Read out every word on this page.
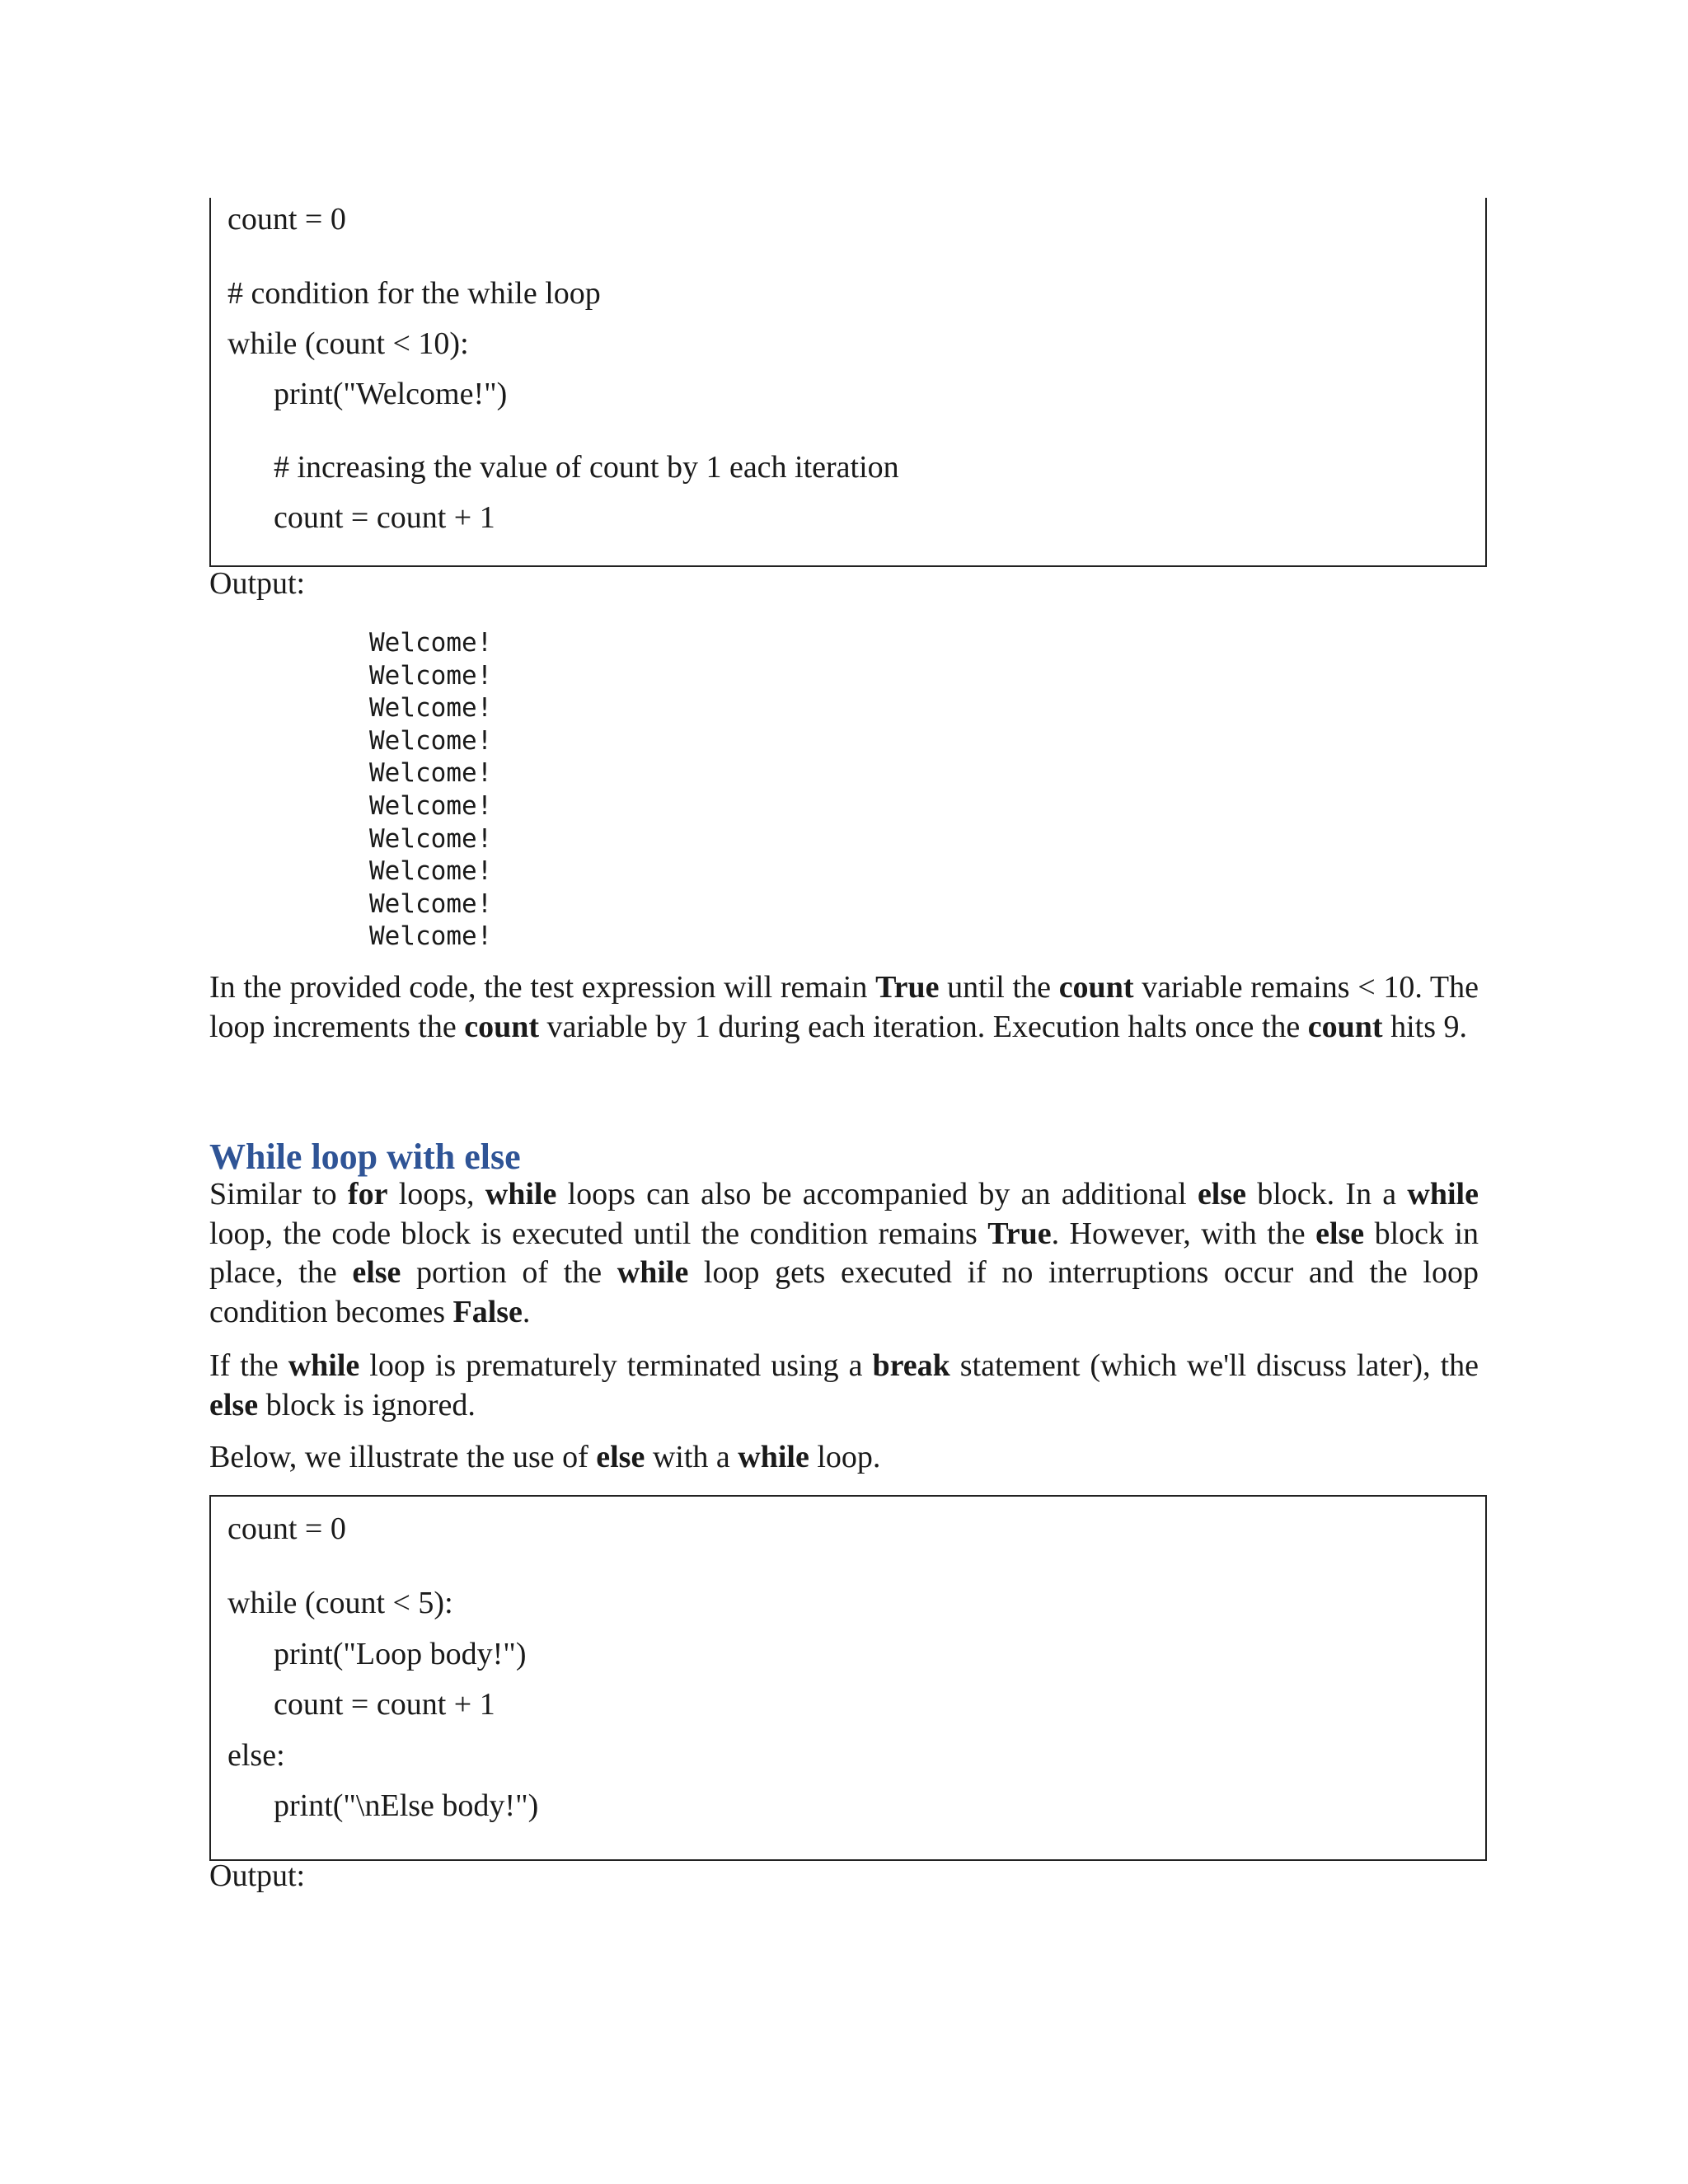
count = 0
# condition for the while loop
while (count < 10):
print("Welcome!")
# increasing the value of count by 1 each iteration
count = count + 1
Output:
Welcome!
Welcome!
Welcome!
Welcome!
Welcome!
Welcome!
Welcome!
Welcome!
Welcome!
Welcome!
In the provided code, the test expression will remain True until the count variable remains < 10. The loop increments the count variable by 1 during each iteration. Execution halts once the count hits 9.
While loop with else
Similar to for loops, while loops can also be accompanied by an additional else block. In a while loop, the code block is executed until the condition remains True. However, with the else block in place, the else portion of the while loop gets executed if no interruptions occur and the loop condition becomes False.
If the while loop is prematurely terminated using a break statement (which we'll discuss later), the else block is ignored.
Below, we illustrate the use of else with a while loop.
count = 0
while (count < 5):
print("Loop body!")
count = count + 1
else:
print("\nElse body!")
Output:
